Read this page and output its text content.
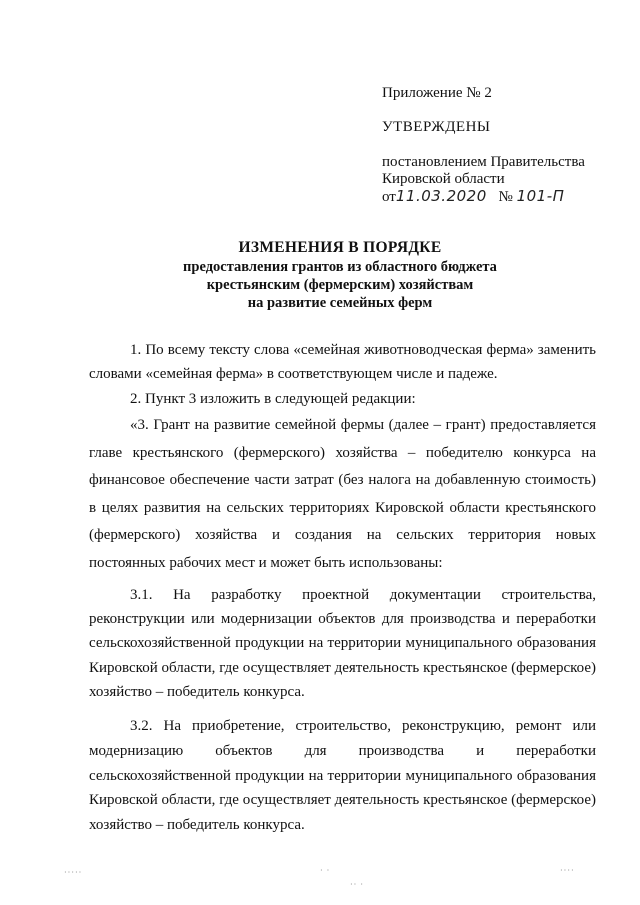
Приложение № 2
УТВЕРЖДЕНЫ
постановлением Правительства
Кировской области
от11.03.2020 № 101-П
ИЗМЕНЕНИЯ В ПОРЯДКЕ
предоставления грантов из областного бюджета
крестьянским (фермерским) хозяйствам
на развитие семейных ферм

1. По всему тексту слова «семейная животноводческая ферма» заменить словами «семейная ферма» в соответствующем числе и падеже.

2. Пункт 3 изложить в следующей редакции:

«3. Грант на развитие семейной фермы (далее – грант) предоставляется главе крестьянского (фермерского) хозяйства – победителю конкурса на финансовое обеспечение части затрат (без налога на добавленную стоимость) в целях развития на сельских территориях Кировской области крестьянского (фермерского) хозяйства и создания на сельских территория новых постоянных рабочих мест и может быть использованы:

3.1. На разработку проектной документации строительства, реконструкции или модернизации объектов для производства и переработки сельскохозяйственной продукции на территории муниципального образования Кировской области, где осуществляет деятельность крестьянское (фермерское) хозяйство – победитель конкурса.

3.2. На приобретение, строительство, реконструкцию, ремонт или модернизацию объектов для производства и переработки сельскохозяйственной продукции на территории муниципального образования Кировской области, где осуществляет деятельность крестьянское (фермерское) хозяйство – победитель конкурса.

·····	· ·
·· ·
····
